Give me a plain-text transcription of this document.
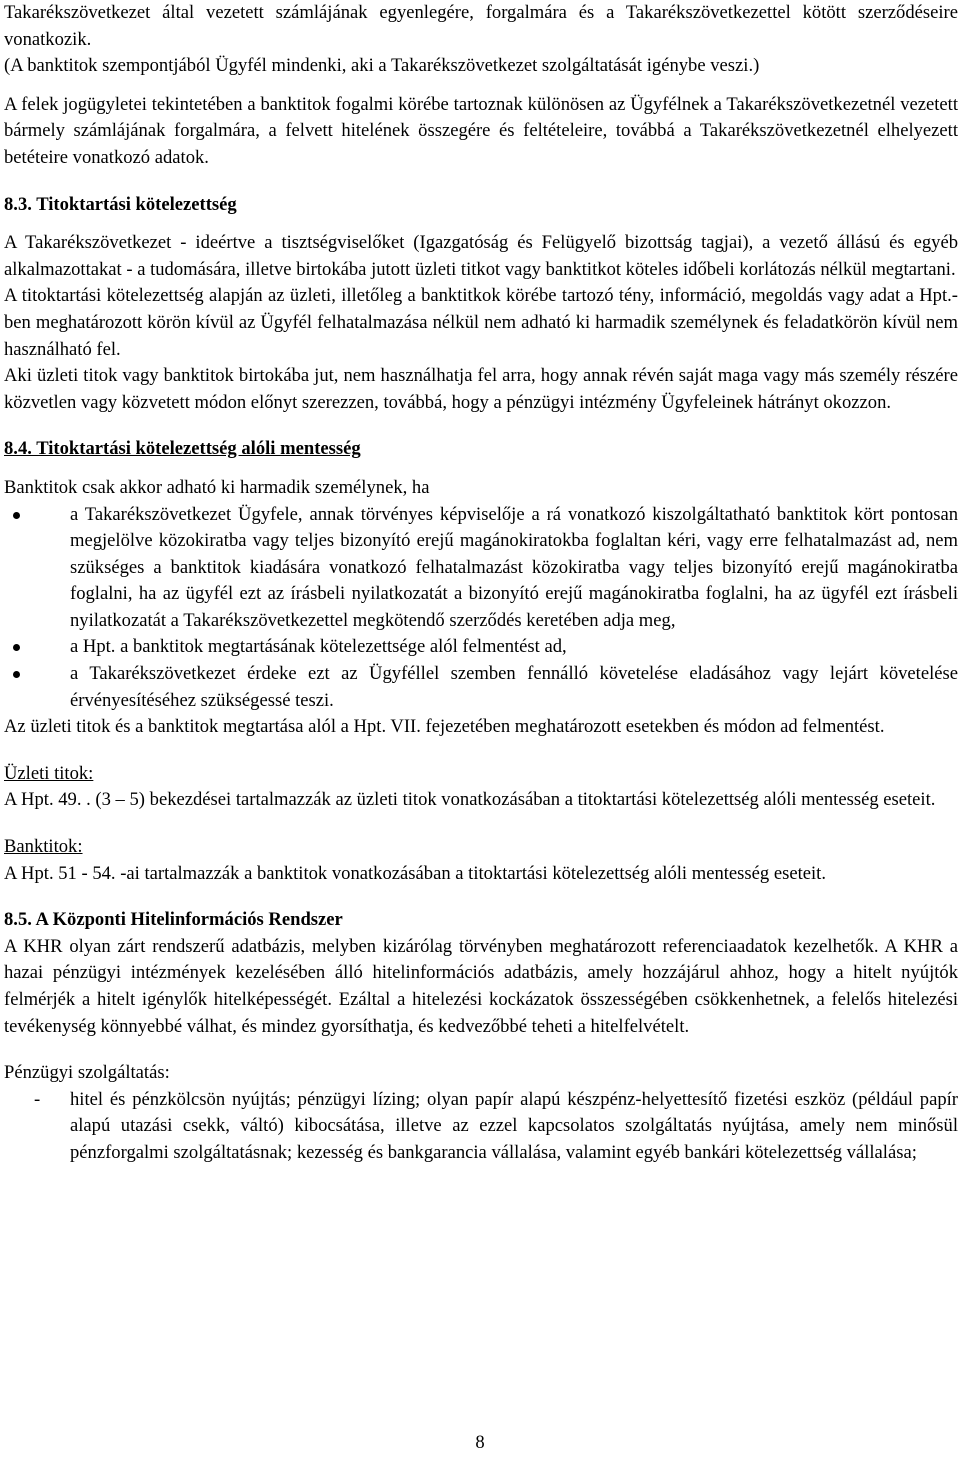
Takarékszövetkezet által vezetett számlájának egyenlegére, forgalmára és a Takarékszövetkezettel kötött szerződéseire vonatkozik.

(A banktitok szempontjából Ügyfél mindenki, aki a Takarékszövetkezet szolgáltatását igénybe veszi.)

A felek jogügyletei tekintetében a banktitok fogalmi körébe tartoznak különösen az Ügyfélnek a Takarékszövetkezetnél vezetett bármely számlájának forgalmára, a felvett hitelének összegére és feltételeire, továbbá a Takarékszövetkezetnél elhelyezett betéteire vonatkozó adatok.

8.3. Titoktartási kötelezettség

A Takarékszövetkezet - ideértve a tisztségviselőket (Igazgatóság és Felügyelő bizottság tagjai), a vezető állású és egyéb alkalmazottakat - a tudomására, illetve birtokába jutott üzleti titkot vagy banktitkot köteles időbeli korlátozás nélkül megtartani.

A titoktartási kötelezettség alapján az üzleti, illetőleg a banktitkok körébe tartozó tény, információ, megoldás vagy adat a Hpt.-ben meghatározott körön kívül az Ügyfél felhatalmazása nélkül nem adható ki harmadik személynek és feladatkörön kívül nem használható fel.

Aki üzleti titok vagy banktitok birtokába jut, nem használhatja fel arra, hogy annak révén saját maga vagy más személy részére közvetlen vagy közvetett módon előnyt szerezzen, továbbá, hogy a pénzügyi intézmény Ügyfeleinek hátrányt okozzon.

8.4. Titoktartási kötelezettség alóli mentesség

Banktitok csak akkor adható ki harmadik személynek, ha

a Takarékszövetkezet Ügyfele, annak törvényes képviselője a rá vonatkozó kiszolgáltatható banktitok kört pontosan megjelölve közokiratba vagy teljes bizonyító erejű magánokiratokba foglaltan kéri, vagy erre felhatalmazást ad, nem szükséges a banktitok kiadására vonatkozó felhatalmazást közokiratba vagy teljes bizonyító erejű magánokiratba foglalni, ha az ügyfél ezt az írásbeli nyilatkozatát a bizonyító erejű magánokiratba foglalni, ha az ügyfél ezt írásbeli nyilatkozatát a Takarékszövetkezettel megkötendő szerződés keretében adja meg,
a Hpt. a banktitok megtartásának kötelezettsége alól felmentést ad,
a Takarékszövetkezet érdeke ezt az Ügyféllel szemben fennálló követelése eladásához vagy lejárt követelése érvényesítéséhez szükségessé teszi.

Az üzleti titok és a banktitok megtartása alól a Hpt. VII. fejezetében meghatározott esetekben és módon ad felmentést.

Üzleti titok:

A Hpt. 49. . (3 – 5) bekezdései tartalmazzák az üzleti titok vonatkozásában a titoktartási kötelezettség alóli mentesség eseteit.

Banktitok:

A Hpt. 51 - 54. -ai tartalmazzák a banktitok vonatkozásában a titoktartási kötelezettség alóli mentesség eseteit.

8.5. A Központi Hitelinformációs Rendszer

A KHR olyan zárt rendszerű adatbázis, melyben kizárólag törvényben meghatározott referenciaadatok kezelhetők. A KHR a hazai pénzügyi intézmények kezelésében álló hitelinformációs adatbázis, amely hozzájárul ahhoz, hogy a hitelt nyújtók felmérjék a hitelt igénylők hitelképességét. Ezáltal a hitelezési kockázatok összességében csökkenhetnek, a felelős hitelezési tevékenység könnyebbé válhat, és mindez gyorsíthatja, és kedvezőbbé teheti a hitelfelvételt.

Pénzügyi szolgáltatás:

- hitel és pénzkölcsön nyújtás; pénzügyi lízing; olyan papír alapú készpénz-helyettesítő fizetési eszköz (például papír alapú utazási csekk, váltó) kibocsátása, illetve az ezzel kapcsolatos szolgáltatás nyújtása, amely nem minősül pénzforgalmi szolgáltatásnak; kezesség és bankgarancia vállalása, valamint egyéb bankári kötelezettség vállalása;
8
